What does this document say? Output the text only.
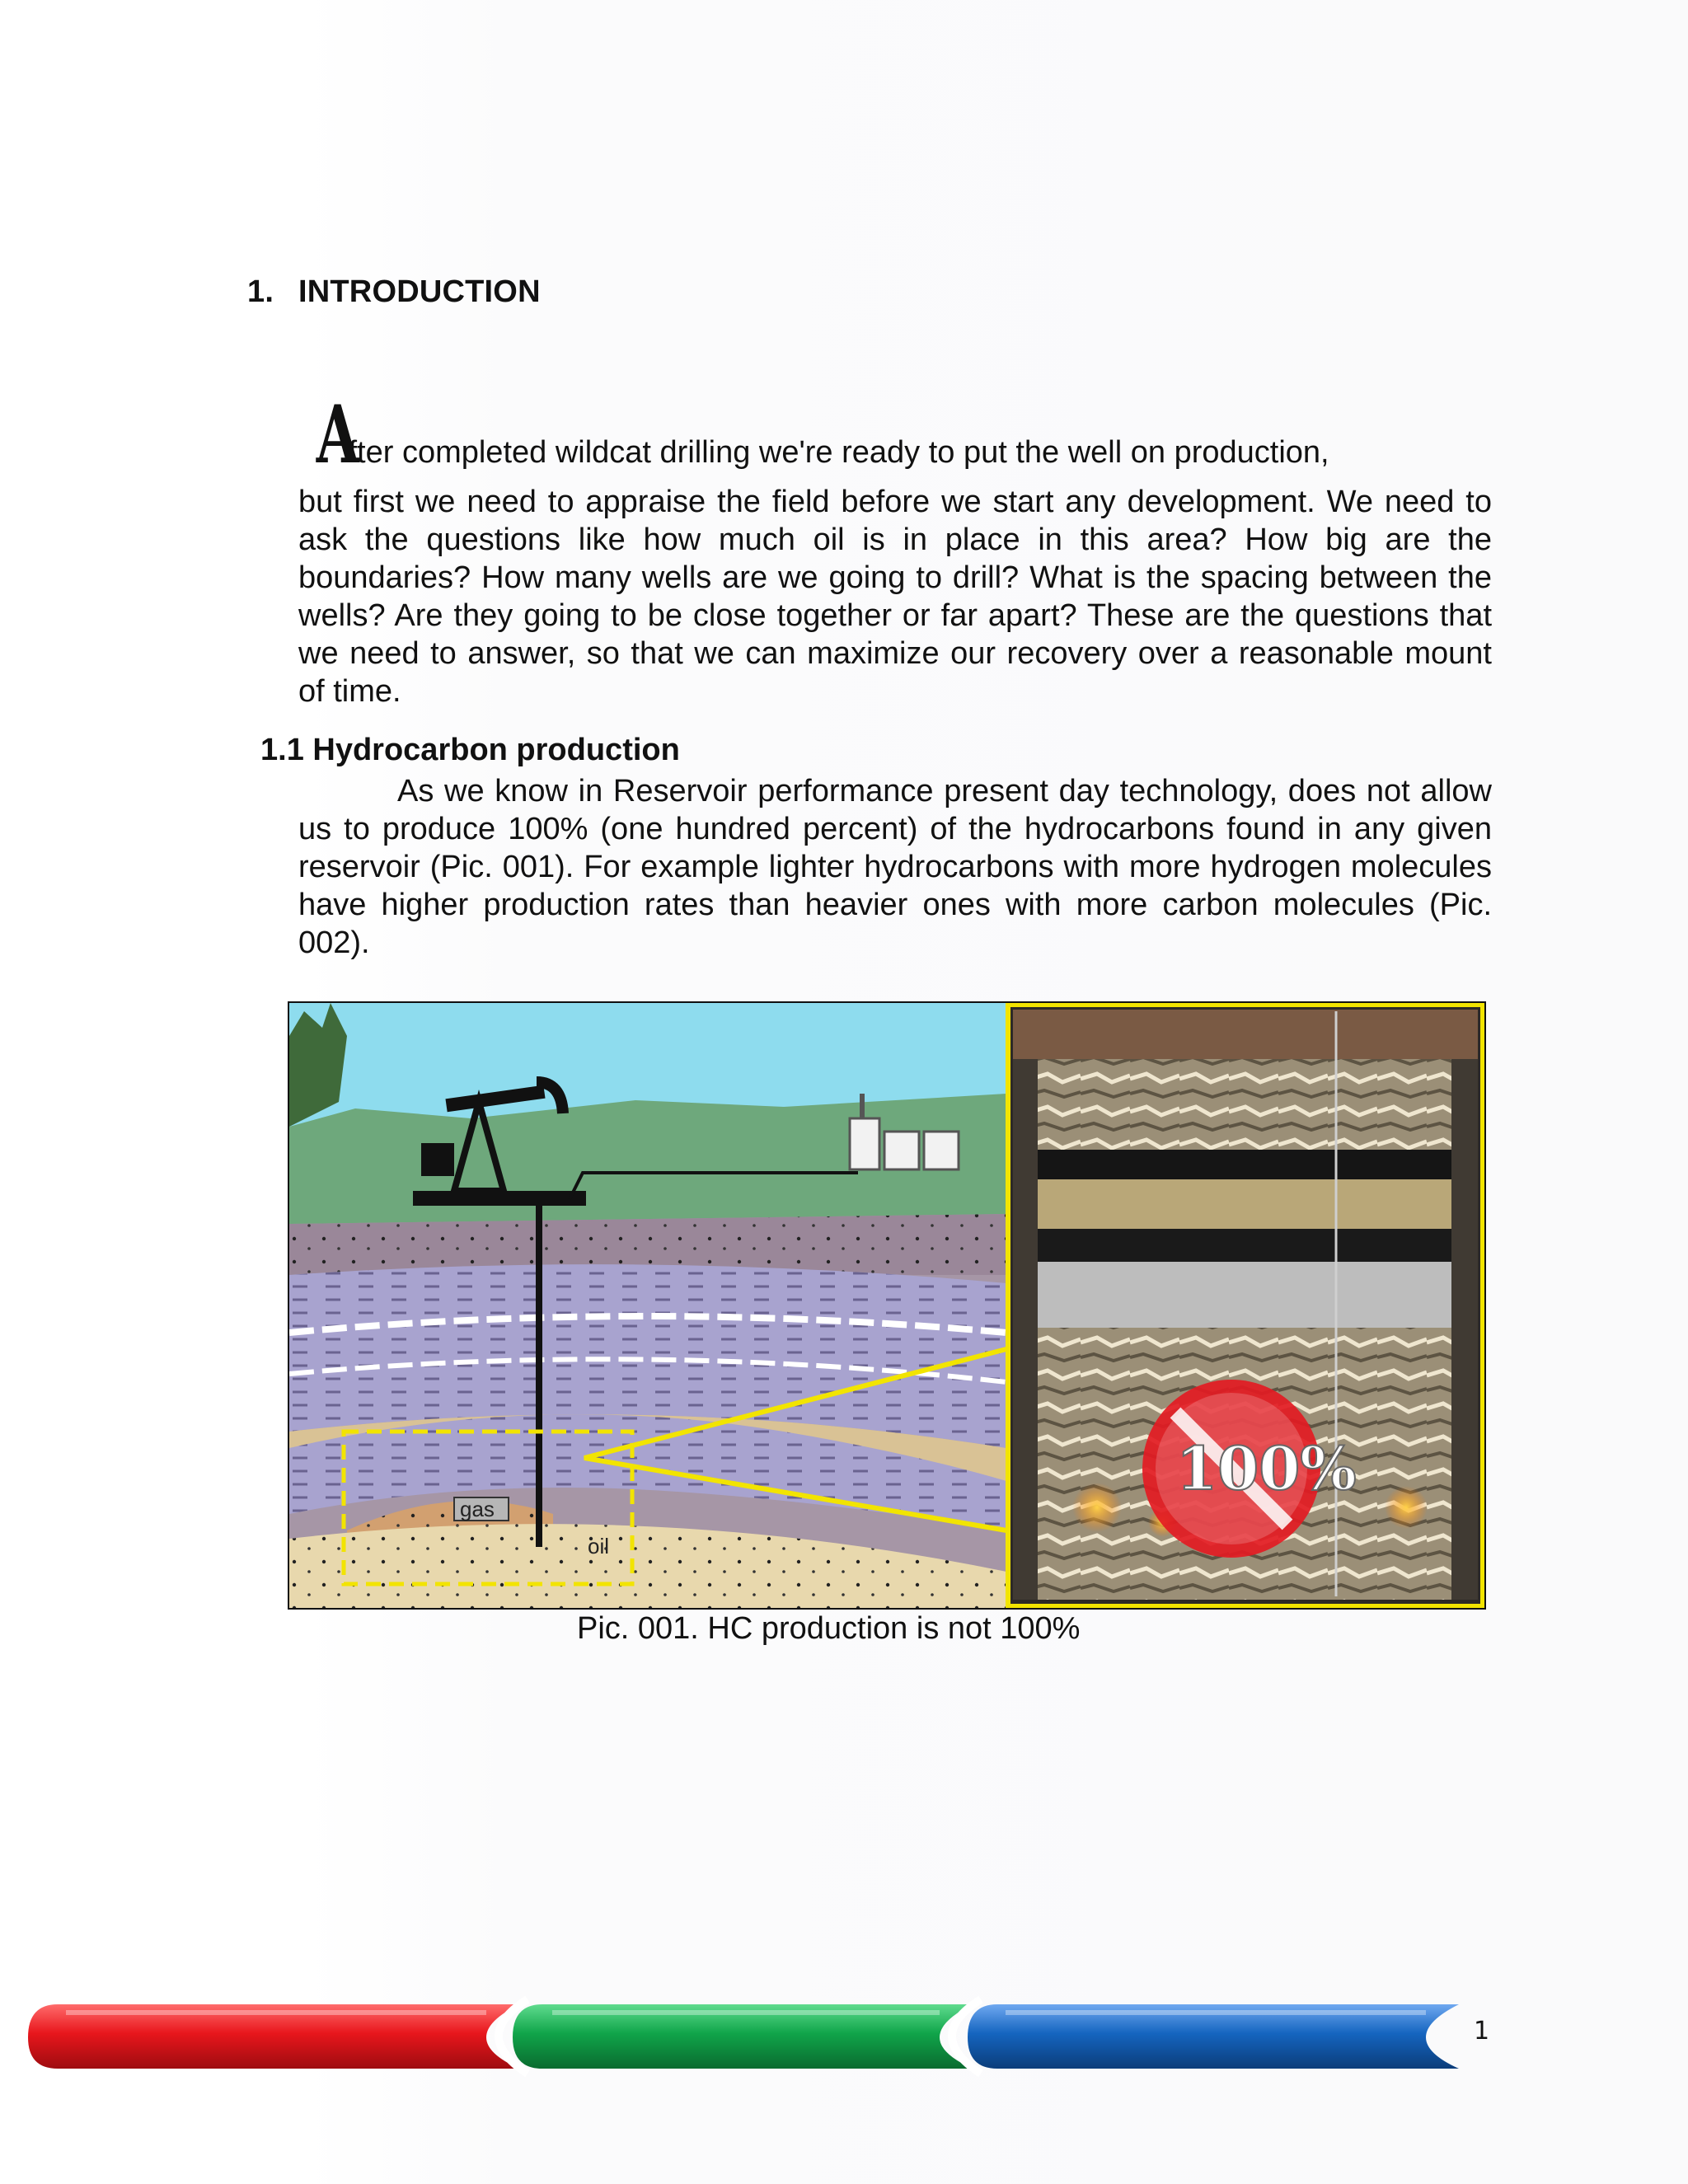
1. INTRODUCTION
After completed wildcat drilling we're ready to put the well on production,
but first we need to appraise the field before we start any development. We need to ask the questions like how much oil is in place in this area? How big are the boundaries? How many wells are we going to drill? What is the spacing between the wells? Are they going to be close together or far apart? These are the questions that we need to answer, so that we can maximize our recovery over a reasonable mount of time.
1.1 Hydrocarbon production
As we know in Reservoir performance present day technology, does not allow us to produce 100% (one hundred percent) of the hydrocarbons found in any given reservoir (Pic. 001). For example lighter hydrocarbons with more hydrogen molecules have higher production rates than heavier ones with more carbon molecules (Pic. 002).
gas
oil
100%
Pic. 001. HC production is not 100%
1
